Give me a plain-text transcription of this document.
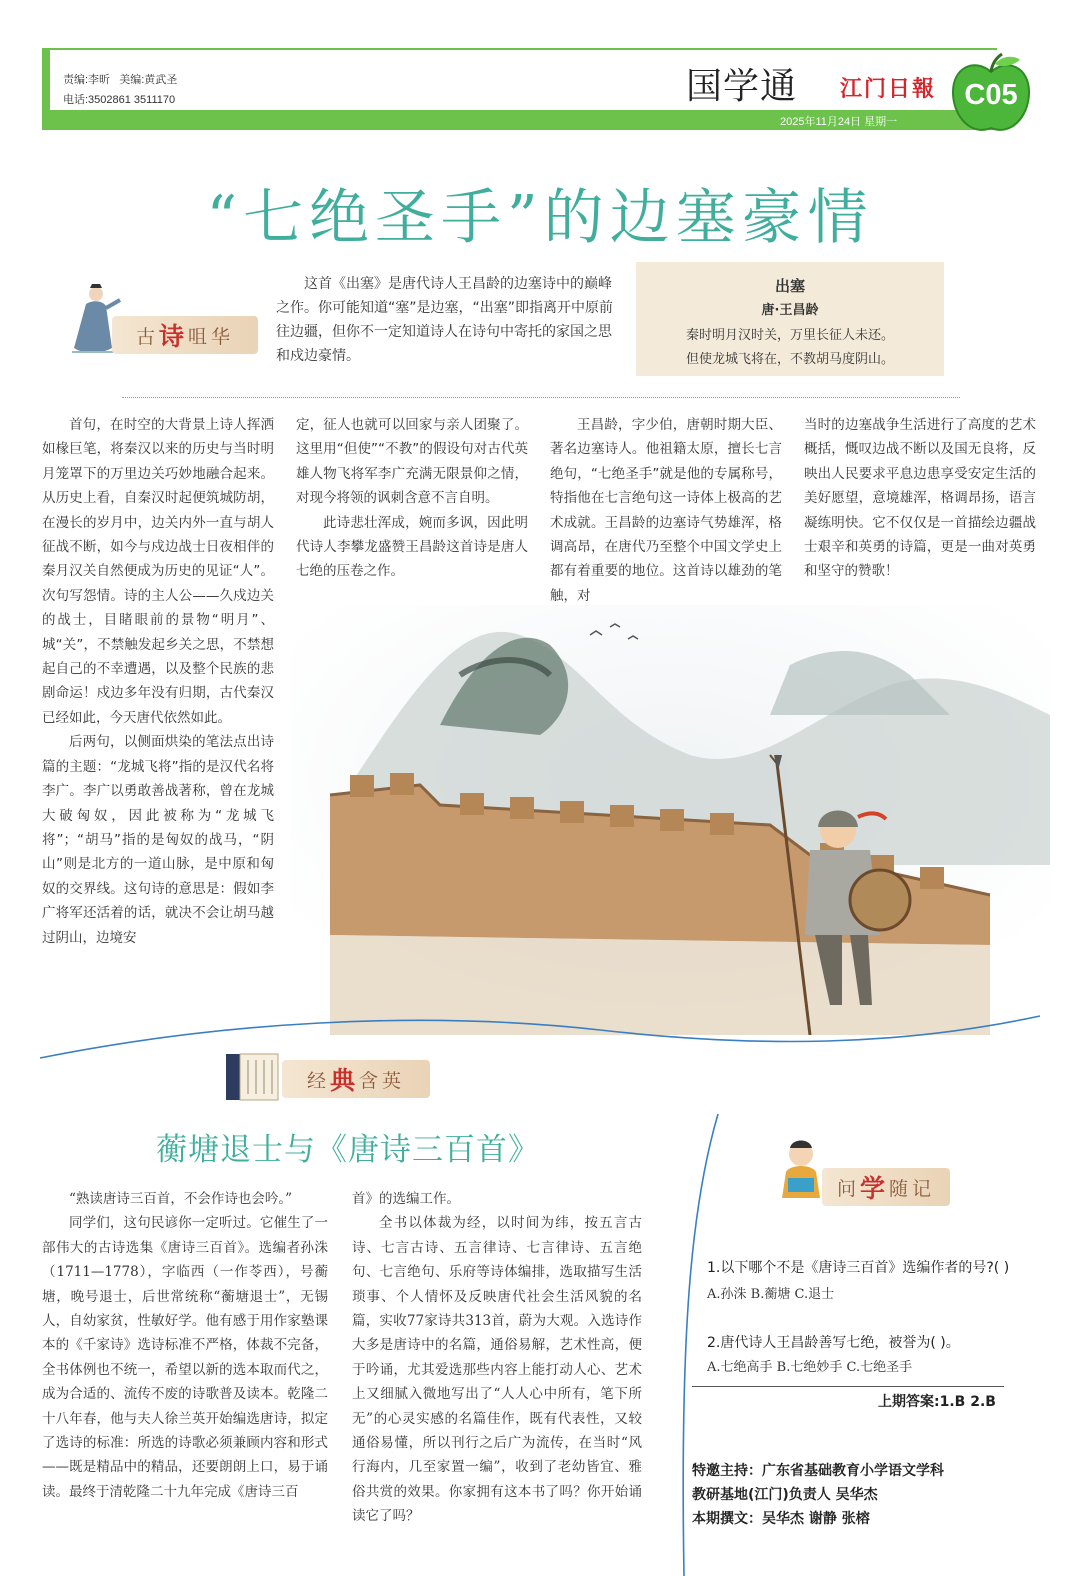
责编:李昕 美编:黄武圣
电话:3502861 3511170	国学通 江门日報
2025年11月24日 星期一
C05
“七绝圣手”的边塞豪情
古 诗 咀华
这首《出塞》是唐代诗人王昌龄的边塞诗中的巅峰之作。你可能知道“塞”是边塞，“出塞”即指离开中原前往边疆，但你不一定知道诗人在诗句中寄托的家国之思和戍边豪情。
出塞
唐·王昌龄
秦时明月汉时关，万里长征人未还。
但使龙城飞将在，不教胡马度阴山。

首句，在时空的大背景上诗人挥洒如椽巨笔，将秦汉以来的历史与当时明月笼罩下的万里边关巧妙地融合起来。从历史上看，自秦汉时起便筑城防胡，在漫长的岁月中，边关内外一直与胡人征战不断，如今与戍边战士日夜相伴的秦月汉关自然便成为历史的见证“人”。次句写怨情。诗的主人公——久戍边关的战士，目睹眼前的景物“明月”、城“关”，不禁触发起乡关之思，不禁想起自己的不幸遭遇，以及整个民族的悲剧命运！戍边多年没有归期，古代秦汉已经如此，今天唐代依然如此。

后两句，以侧面烘染的笔法点出诗篇的主题：“龙城飞将”指的是汉代名将李广。李广以勇敢善战著称，曾在龙城大破匈奴，因此被称为“龙城飞将”；“胡马”指的是匈奴的战马，“阴山”则是北方的一道山脉，是中原和匈奴的交界线。这句诗的意思是：假如李广将军还活着的话，就决不会让胡马越过阴山，边境安

定，征人也就可以回家与亲人团聚了。这里用“但使”“不教”的假设句对古代英雄人物飞将军李广充满无限景仰之情，对现今将领的讽刺含意不言自明。

此诗悲壮浑成，婉而多讽，因此明代诗人李攀龙盛赞王昌龄这首诗是唐人七绝的压卷之作。

王昌龄，字少伯，唐朝时期大臣、著名边塞诗人。他祖籍太原，擅长七言绝句，“七绝圣手”就是他的专属称号，特指他在七言绝句这一诗体上极高的艺术成就。王昌龄的边塞诗气势雄浑，格调高昂，在唐代乃至整个中国文学史上都有着重要的地位。这首诗以雄劲的笔触，对

当时的边塞战争生活进行了高度的艺术概括，慨叹边战不断以及国无良将，反映出人民要求平息边患享受安定生活的美好愿望，意境雄浑，格调昂扬，语言凝练明快。它不仅仅是一首描绘边疆战士艰辛和英勇的诗篇，更是一曲对英勇和坚守的赞歌！

经 典 含英
蘅塘退士与《唐诗三百首》

“熟读唐诗三百首，不会作诗也会吟。”

同学们，这句民谚你一定听过。它催生了一部伟大的古诗选集《唐诗三百首》。选编者孙洙（1711—1778），字临西（一作苓西），号蘅塘，晚号退士，后世常统称“蘅塘退士”，无锡人，自幼家贫，性敏好学。他有感于用作家塾课本的《千家诗》选诗标准不严格，体裁不完备，全书体例也不统一，希望以新的选本取而代之，成为合适的、流传不废的诗歌普及读本。乾隆二十八年春，他与夫人徐兰英开始编选唐诗，拟定了选诗的标准：所选的诗歌必须兼顾内容和形式——既是精品中的精品，还要朗朗上口，易于诵读。最终于清乾隆二十九年完成《唐诗三百

首》的选编工作。

全书以体裁为经，以时间为纬，按五言古诗、七言古诗、五言律诗、七言律诗、五言绝句、七言绝句、乐府等诗体编排，选取描写生活琐事、个人情怀及反映唐代社会生活风貌的名篇，实收77家诗共313首，蔚为大观。入选诗作大多是唐诗中的名篇，通俗易解，艺术性高，便于吟诵，尤其爱选那些内容上能打动人心、艺术上又细腻入微地写出了“人人心中所有，笔下所无”的心灵实感的名篇佳作，既有代表性，又较通俗易懂，所以刊行之后广为流传，在当时“风行海内，几至家置一编”，收到了老幼皆宜、雅俗共赏的效果。你家拥有这本书了吗？你开始诵读它了吗？

问 学 随记
1.以下哪个不是《唐诗三百首》选编作者的号?( )
A.孙洙 B.蘅塘 C.退士
2.唐代诗人王昌龄善写七绝，被誉为( )。
A.七绝高手 B.七绝妙手 C.七绝圣手
上期答案:1.B 2.B
特邀主持：广东省基础教育小学语文学科
教研基地(江门)负责人 吴华杰
本期撰文：吴华杰 谢静 张榕
